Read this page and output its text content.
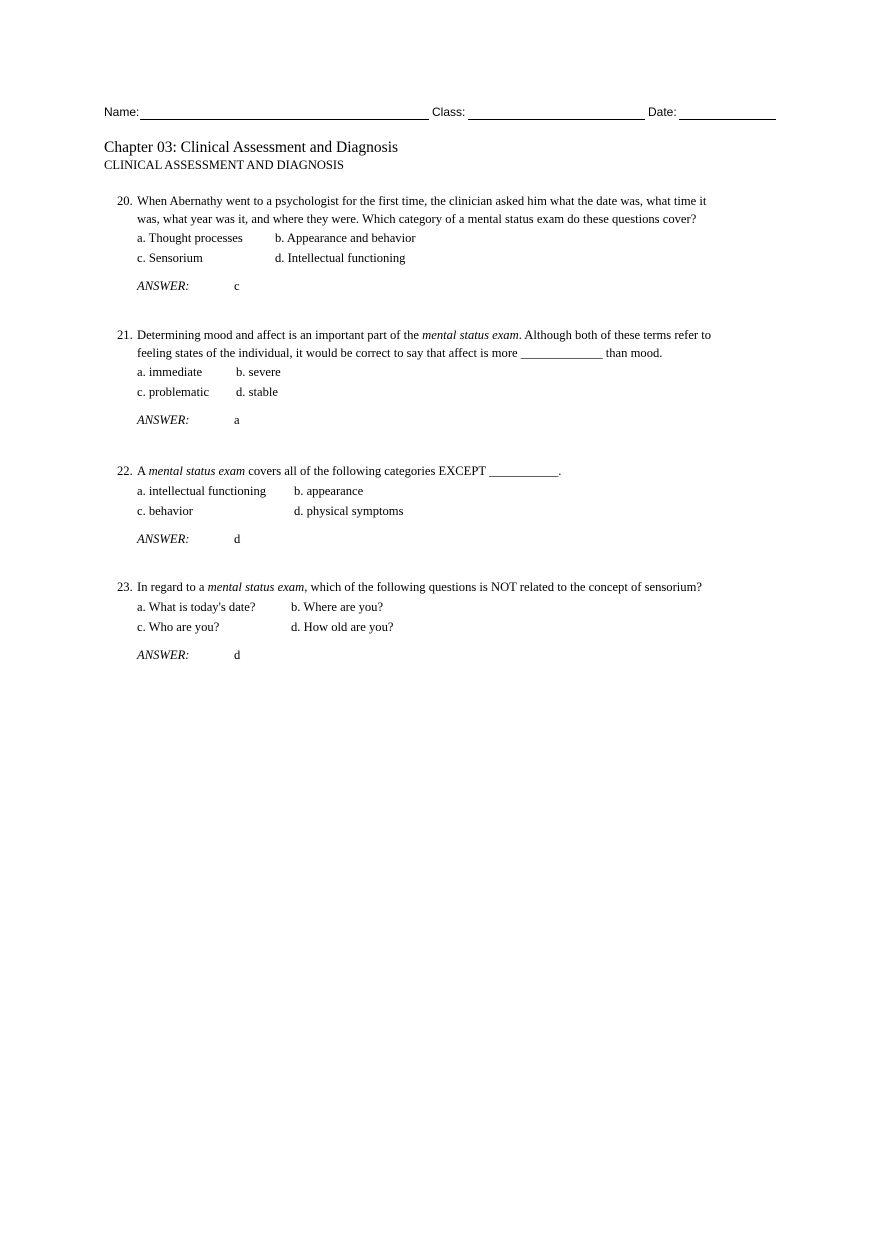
Name:	Class:	Date:
Chapter 03: Clinical Assessment and Diagnosis
CLINICAL ASSESSMENT AND DIAGNOSIS
20. When Abernathy went to a psychologist for the first time, the clinician asked him what the date was, what time it
was, what year was it, and where they were. Which category of a mental status exam do these questions cover?
a. Thought processes	b. Appearance and behavior
c. Sensorium	d. Intellectual functioning
ANSWER:	c
21. Determining mood and affect is an important part of the mental status exam. Although both of these terms refer to
feeling states of the individual, it would be correct to say that affect is more _____________ than mood.
a. immediate	b. severe
c. problematic d. stable
ANSWER:	a
22. A mental status exam covers all of the following categories EXCEPT ___________.
a. intellectual functioning b. appearance
c. behavior	d. physical symptoms
ANSWER:	d
23. In regard to a mental status exam, which of the following questions is NOT related to the concept of sensorium?
a. What is today's date?	b. Where are you?
c. Who are you?	d. How old are you?
ANSWER:	d
